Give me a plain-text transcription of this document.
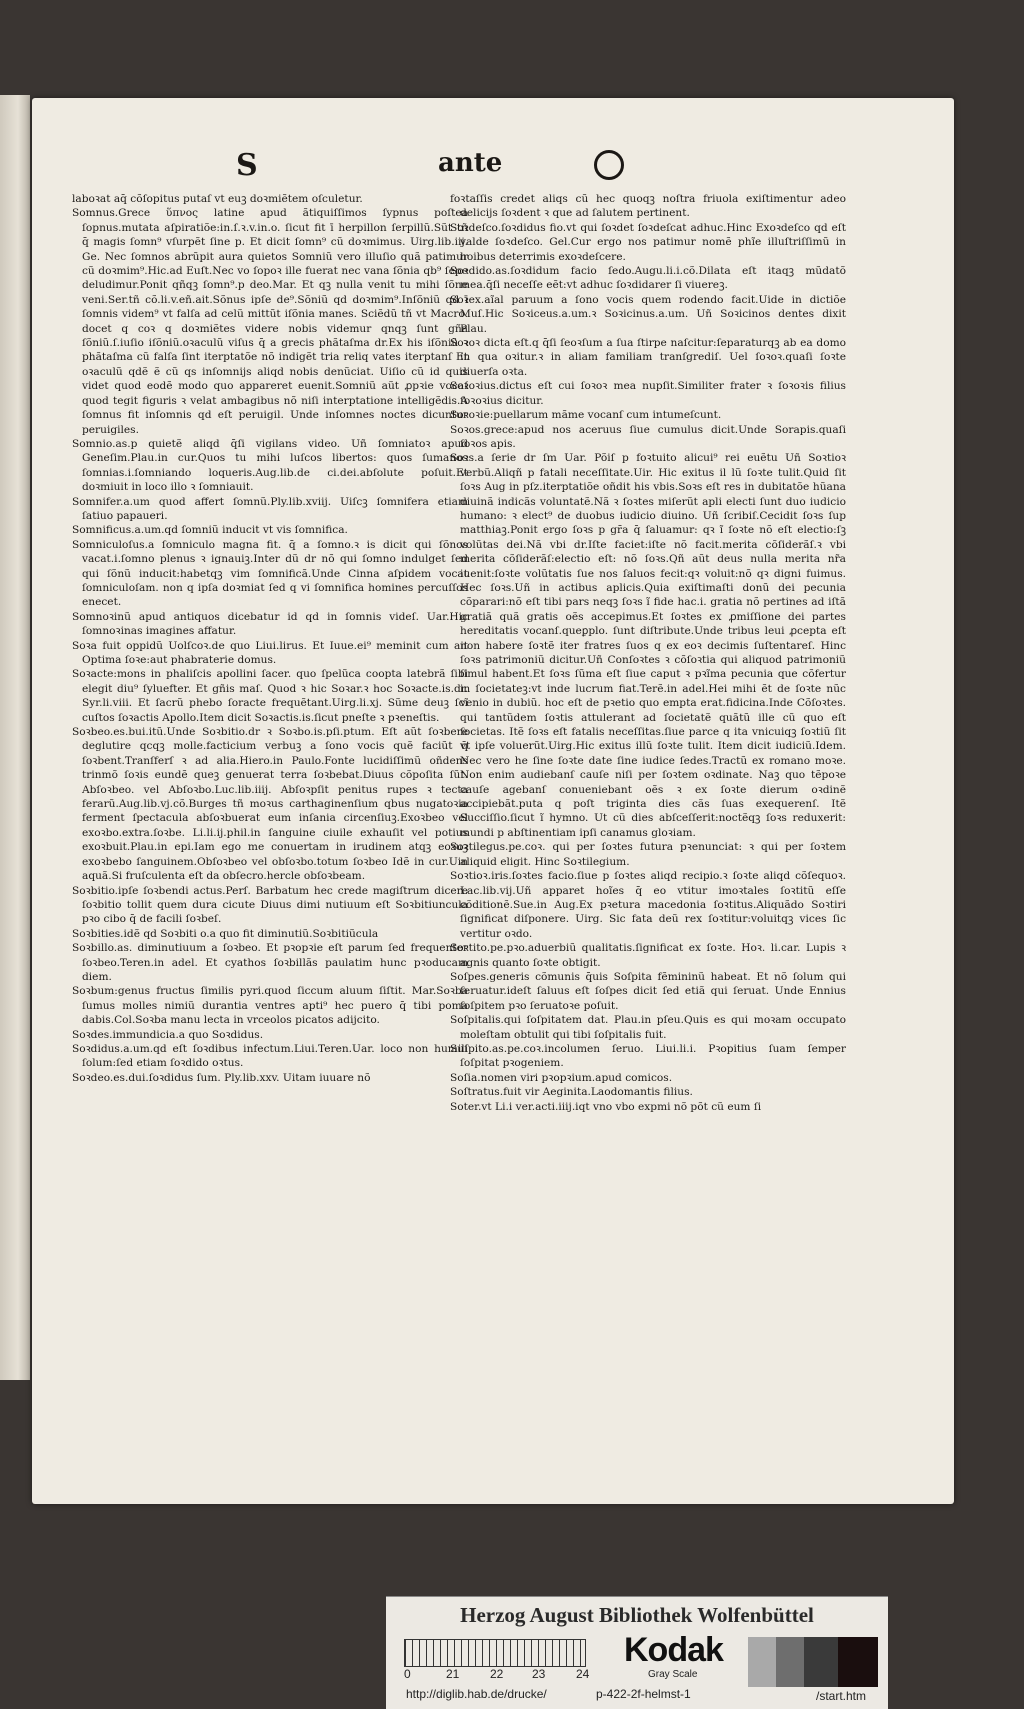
S	ante

laboꝛat aq̄ cõſopitus putaſ vt euꝫ doꝛmiẽtem oſculetur.

Somnus.Grece ὕπνος latine apud ãtiquiſſimos ſypnus poſtea ſopnus.mutata aſpiratiõe:in.ſ.ꝛ.v.in.o. ſicut fit ī herpillon ſerpillũ.Sũt tñ q̄ magis ſomn⁹ vſurpẽt ſine p. Et dicit ſomn⁹ cũ doꝛmimus. Uirg.lib.iij. Ge. Nec ſomnos abrũpit aura quietos Somniũ vero illuſio quã patimur cũ doꝛmim⁹.Hic.ad Euſt.Nec vo ſopoꝛ ille fuerat nec vana ſõnia qb⁹ ſepe deludimur.Ponit qñqꝫ ſomn⁹.p deo.Mar. Et qꝫ nulla venit tu mihi ſõne veni.Ser.tñ cõ.li.v.eñ.ait.Sõnus ipſe de⁹.Sõniũ qd doꝛmim⁹.Inſõniũ qd ī ſomnis videm⁹ vt falſa ad celũ mittũt iſõnia manes. Sciẽdũ tñ vt Macro. docet q coꝛ q doꝛmiẽtes videre nobis videmur qnqꝫ ſunt gña ſõniũ.ſ.iuſio iſõniũ.oꝛaculũ viſus q̄ a grecis phãtaſma dr.Ex his iſõniũ ꝛ phãtaſma cũ falſa ſint iterptatõe nõ indigẽt tria reliq vates iterptanſ Et oꝛaculũ qdẽ ẽ cũ qs inſomnijs aliqd nobis denũciat. Uiſio cũ id quis videt quod eodẽ modo quo appareret euenit.Somniũ aũt ꝓpꝛie vocaſ quod tegit figuris ꝛ velat ambagibus nõ niſi interptatione intelligẽdis.A ſomnus fit inſomnis qd eſt peruigil. Unde inſomnes noctes dicuntur peruigiles.

Somnio.as.p quietẽ aliqd q̄ſi vigilans video. Uñ ſomniatoꝛ apud Geneſim.Plau.in cur.Quos tu mihi luſcos libertos: quos ſumanos ſomnias.i.ſomniando loqueris.Aug.lib.de ci.dei.abſolute poſuit.Et doꝛmiuit in loco illo ꝛ ſomniauit.

Somnifer.a.um quod affert ſomnũ.Ply.lib.xviij. Uiſcꝫ ſomnifera etiam ſatiuo papaueri.

Somnificus.a.um.qd ſomniũ inducit vt vis ſomnifica.

Somniculoſus.a ſomniculo magna fit. q̄ a ſomno.ꝛ is dicit qui ſõnos vacat.i.ſomno plenus ꝛ ignauiꝫ.Inter dũ dr nõ qui ſomno indulget ſed qui ſõnũ inducit:habetqꝫ vim ſomnificã.Unde Cinna aſpidem vocat ſomniculoſam. non q ipſa doꝛmiat ſed q vi ſomnifica homines percuſſos enecet.

Somnoꝛinũ apud antiquos dicebatur id qd in ſomnis videſ. Uar.Hic ſomnoꝛinas imagines affatur.

Soꝛa fuit oppidũ Uolſcoꝛ.de quo Liui.lirus. Et Iuue.ei⁹ meminit cum ait Optima ſoꝛe:aut phabraterie domus.

Soꝛacte:mons in phaliſcis apollini ſacer. quo ſpelũca coopta latebrã ſibi elegit diu⁹ ſyluefter. Et gñis maſ. Quod ꝛ hic Soꝛar.ꝛ hoc Soꝛacte.is.dr. Syr.li.viii. Et ſacrũ phebo ſoracte frequẽtant.Uirg.li.xj. Sũme deuꝫ ſcĩ cuſtos ſoꝛactis Apollo.Item dicit Soꝛactis.is.ſicut pneſte ꝛ pꝛeneſtis.

Soꝛbeo.es.bui.itũ.Unde Soꝛbitio.dr ꝛ Soꝛbo.is.pſi.ptum. Eſt aũt ſoꝛbere deglutire qcqꝫ molle.facticium verbuꝫ a ſono vocis quẽ faciũt q̄ ſoꝛbent.Tranſferſ ꝛ ad alia.Hiero.in Paulo.Fonte lucidiſſimũ oñdens trinmõ ſoꝛis eundẽ queꝫ genuerat terra ſoꝛbebat.Diuus cõpoſita ſũt. Abſoꝛbeo. vel Abſoꝛbo.Luc.lib.iiij. Abſoꝛpſit penitus rupes ꝛ tecta ferarũ.Aug.lib.vj.cõ.Burges tñ moꝛus carthaginenſium qbus nugatoꝛia ferment ſpectacula abſoꝛbuerat eum inſania circenſiuꝫ.Exoꝛbeo vel exoꝛbo.extra.ſoꝛbe. Li.li.ij.phil.in ſanguine ciuile exhauſit vel potius exoꝛbuit.Plau.in epi.Iam ego me conuertam in irudinem atqꝫ eoꝛuꝫ exoꝛbebo ſanguinem.Obſoꝛbeo vel obſoꝛbo.totum ſoꝛbeo Idẽ in cur.Uin aquã.Si fruſculenta eſt da obſecro.hercle obſoꝛbeam.

Soꝛbitio.ipſe ſoꝛbendi actus.Perſ. Barbatum hec crede magiſtrum dicere ſoꝛbitio tollit quem dura cicute Diuus dimi nutiuum eſt Soꝛbitiuncula pꝛo cibo q̄ de facili ſoꝛbeſ.

Soꝛbities.idẽ qd Soꝛbiti o.a quo fit diminutiũ.Soꝛbitiũcula

Soꝛbillo.as. diminutiuum a ſoꝛbeo. Et pꝛopꝛie eſt parum ſed frequenter ſoꝛbeo.Teren.in adel. Et cyathos ſoꝛbillãs paulatim hunc pꝛoducam diem.

Soꝛbum:genus fructus ſimilis pyri.quod ſiccum aluum ſiſtit. Mar.Soꝛba ſumus molles nimiũ durantia ventres apti⁹ hec puero q̄ tibi poma dabis.Col.Soꝛba manu lecta in vrceolos picatos adijcito.

Soꝛdes.immundicia.a quo Soꝛdidus.

Soꝛdidus.a.um.qd eſt ſoꝛdibus infectum.Liui.Teren.Uar. loco non humili ſolum:ſed etiam ſoꝛdido oꝛtus.

Soꝛdeo.es.dui.ſoꝛdidus ſum. Ply.lib.xxv. Uitam iuuare nõ

foꝛtaſſis credet aliqs cũ hec quoqꝫ noſtra friuola exiſtimentur adeo delicijs ſoꝛdent ꝛ que ad ſalutem pertinent.

Soꝛdeſco.ſoꝛdidus fio.vt qui ſoꝛdet ſoꝛdeſcat adhuc.Hinc Exoꝛdeſco qd eſt valde ſoꝛdeſco. Gel.Cur ergo nos patimur nomẽ phĩe illuſtriſſimũ in hoibus deterrimis exoꝛdeſcere.

Soꝛdido.as.ſoꝛdidum facio ſedo.Augu.li.i.cõ.Dilata eſt itaqꝫ mũdatõ mea.q̄ſi neceſſe eẽt:vt adhuc ſoꝛdidarer ſi viuereꝫ.

Soꝛex.aĩal paruum a ſono vocis quem rodendo facit.Uide in dictiõe Muſ.Hic Soꝛiceus.a.um.ꝛ Soꝛicinus.a.um. Uñ Soꝛicinos dentes dixit Plau.

Soꝛoꝛ dicta eſt.q q̄ſi ſeoꝛſum a ſua ſtirpe naſcitur:ſeparaturqꝫ ab ea domo in qua oꝛitur.ꝛ in aliam familiam tranſgrediſ. Uel ſoꝛoꝛ.quaſi ſoꝛte diuerſa oꝛta.

Soꝛoꝛius.dictus eſt cui ſoꝛoꝛ mea nupſit.Similiter frater ꝛ ſoꝛoꝛis filius ſoꝛoꝛius dicitur.

Soꝛoꝛie:puellarum mãme vocanſ cum intumeſcunt.

Soꝛos.grece:apud nos aceruus ſiue cumulus dicit.Unde Sorapis.quaſi ſoꝛos apis.

Soꝛs.a ſerie dr ſm Uar. Põiſ p foꝛtuito alicui⁹ rei euẽtu Uñ Soꝛtioꝛ verbũ.Aliqñ p fatali neceſſitate.Uir. Hic exitus il lũ ſoꝛte tulit.Quid ſit ſoꝛs Aug in pſz.iterptatiõe oñdit his vbis.Soꝛs eſt res in dubitatõe hũana diuinã indicãs voluntatẽ.Nã ꝛ ſoꝛtes miſerũt apli electi ſunt duo iudicio humano: ꝛ elect⁹ de duobus iudicio diuino. Uñ ſcribiſ.Cecidit ſoꝛs ſup matthiaꝫ.Ponit ergo ſoꝛs p gr̄a q̄ ſaluamur: qꝛ ĩ ſoꝛte nõ eſt electio:ſꝫ volũtas dei.Nã vbi dr.Iſte faciet:iſte nõ facit.merita cõſiderãſ.ꝛ vbi merita cõſiderãſ:electio eſt: nõ ſoꝛs.Qñ aũt deus nulla merita nr̃a iuenit:ſoꝛte volũtatis ſue nos ſaluos fecit:qꝛ voluit:nõ qꝛ digni fuimus. Hec ſoꝛs.Uñ in actibus aplicis.Quia exiſtimaſti donũ dei pecunia cõparari:nõ eſt tibi pars neqꝫ ſoꝛs ĩ fide hac.i. gratia nõ pertines ad iſtã gratiã quã gratis oẽs accepimus.Et ſoꝛtes ex ꝓmiſſione dei partes hereditatis vocanſ.queꝑplo. ſunt diſtribute.Unde tribus leui ꝓcepta eſt non habere ſoꝛtẽ iter fratres ſuos q ex eoꝛ decimis ſuſtentareſ. Hinc ſoꝛs patrimoniũ dicitur.Uñ Conſoꝛtes ꝛ cõſoꝛtia qui aliquod patrimoniũ ſimul habent.Et ſoꝛs ſũma eſt ſiue caput ꝛ pꝛĩma pecunia que cõfertur in ſocietateꝫ:vt inde lucrum fiat.Terẽ.in adel.Hei mihi ẽt de ſoꝛte nũc venio in dubiũ. hoc eſt de pꝛetio quo empta erat.fidicina.Inde Cõſoꝛtes. qui tantũdem ſoꝛtis attulerant ad ſocietatẽ quãtũ ille cũ quo eſt ſocietas. Itẽ ſoꝛs eſt fatalis neceſſitas.ſiue parce q ita vnicuiqꝫ ſoꝛtiũ ſit vt ipſe voluerũt.Uirg.Hic exitus illũ ſoꝛte tulit. Item dicit iudiciũ.Idem. Nec vero he ſine ſoꝛte date ſine iudice ſedes.Tractũ ex romano moꝛe. Non enim audiebanſ cauſe niſi per ſoꝛtem oꝛdinate. Naꝫ quo tẽpoꝛe cauſe agebanſ conueniebant oẽs ꝛ ex ſoꝛte dierum oꝛdinẽ accipiebãt.puta q poſt triginta dies cãs ſuas exequerenſ. Itẽ Succiſſio.ſicut ĩ hymno. Ut cũ dies abſceſſerit:noctẽqꝫ ſoꝛs reduxerit: mundi p abſtinentiam ipſi canamus gloꝛiam.

Soꝛtilegus.pe.coꝛ. qui per ſoꝛtes futura pꝛenunciat: ꝛ qui per ſoꝛtem aliquid eligit. Hinc Soꝛtilegium.

Soꝛtioꝛ.iris.ſoꝛtes facio.ſiue p ſoꝛtes aliqd recipio.ꝛ ſoꝛte aliqd cõſequoꝛ. Lac.lib.vij.Uñ apparet hoĩes q̄ eo vtitur imoꝛtales ſoꝛtitũ eſſe cõditionẽ.Sue.in Aug.Ex pꝛetura macedonia ſoꝛtitus.Aliquãdo Soꝛtiri ſignificat diſponere. Uirg. Sic fata deũ rex ſoꝛtitur:voluitqꝫ vices ſic vertitur oꝛdo.

Soꝛtito.pe.pꝛo.aduerbiũ qualitatis.ſignificat ex ſoꝛte. Hoꝛ. li.car. Lupis ꝛ agnis quanto ſoꝛte obtigit.

Soſpes.generis cõmunis q̄uis Soſpita fẽmininũ habeat. Et nõ ſolum qui ſeruatur.ideſt ſaluus eſt ſoſpes dicit ſed etiã qui ſeruat. Unde Ennius ſoſpitem pꝛo ſeruatoꝛe poſuit.

Soſpitalis.qui ſoſpitatem dat. Plau.in pſeu.Quis es qui moꝛam occupato moleſtam obtulit qui tibi ſoſpitalis fuit.

Suſpito.as.pe.coꝛ.incolumen ſeruo. Liui.li.i. Pꝛopitius ſuam ſemper ſoſpitat pꝛogeniem.

Soſia.nomen viri pꝛopꝛium.apud comicos.

Soſtratus.fuit vir Aeginita.Laodomantis filius.

Soter.vt Li.i ver.acti.iiij.iqt vno vbo expmi nõ põt cũ eum ſi

Herzog August Bibliothek Wolfenbüttel
0	21	22 23	24
Kodak
Gray Scale
http://diglib.hab.de/drucke/	p-422-2f-helmst-1	/start.htm
